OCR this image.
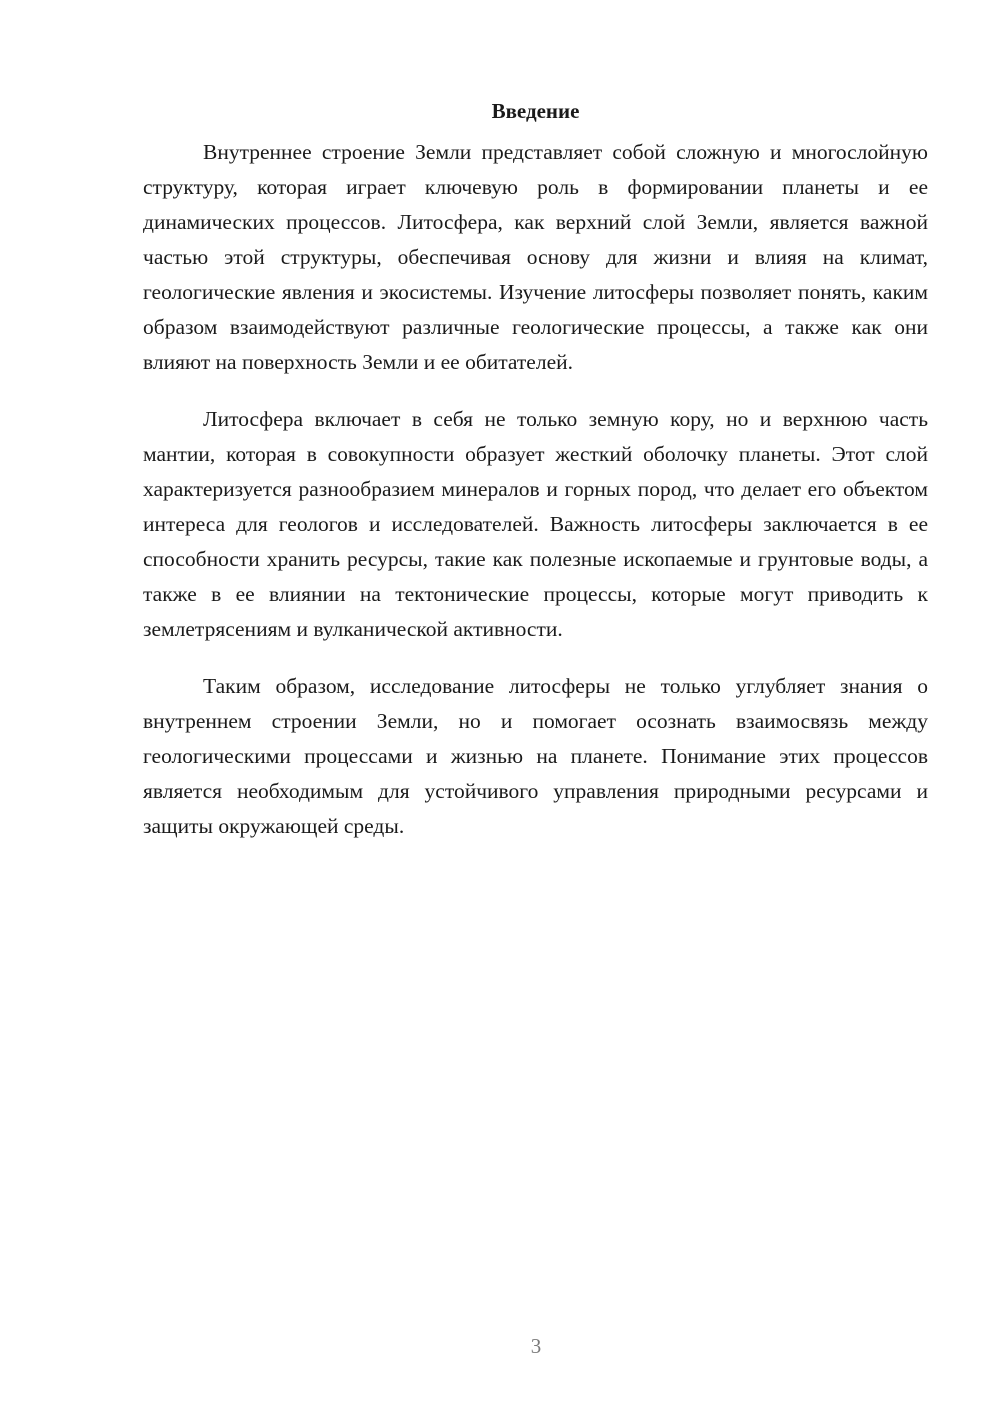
Введение

Внутреннее строение Земли представляет собой сложную и многослойную структуру, которая играет ключевую роль в формировании планеты и ее динамических процессов. Литосфера, как верхний слой Земли, является важной частью этой структуры, обеспечивая основу для жизни и влияя на климат, геологические явления и экосистемы. Изучение литосферы позволяет понять, каким образом взаимодействуют различные геологические процессы, а также как они влияют на поверхность Земли и ее обитателей.

Литосфера включает в себя не только земную кору, но и верхнюю часть мантии, которая в совокупности образует жесткий оболочку планеты. Этот слой характеризуется разнообразием минералов и горных пород, что делает его объектом интереса для геологов и исследователей. Важность литосферы заключается в ее способности хранить ресурсы, такие как полезные ископаемые и грунтовые воды, а также в ее влиянии на тектонические процессы, которые могут приводить к землетрясениям и вулканической активности.

Таким образом, исследование литосферы не только углубляет знания о внутреннем строении Земли, но и помогает осознать взаимосвязь между геологическими процессами и жизнью на планете. Понимание этих процессов является необходимым для устойчивого управления природными ресурсами и защиты окружающей среды.

3
